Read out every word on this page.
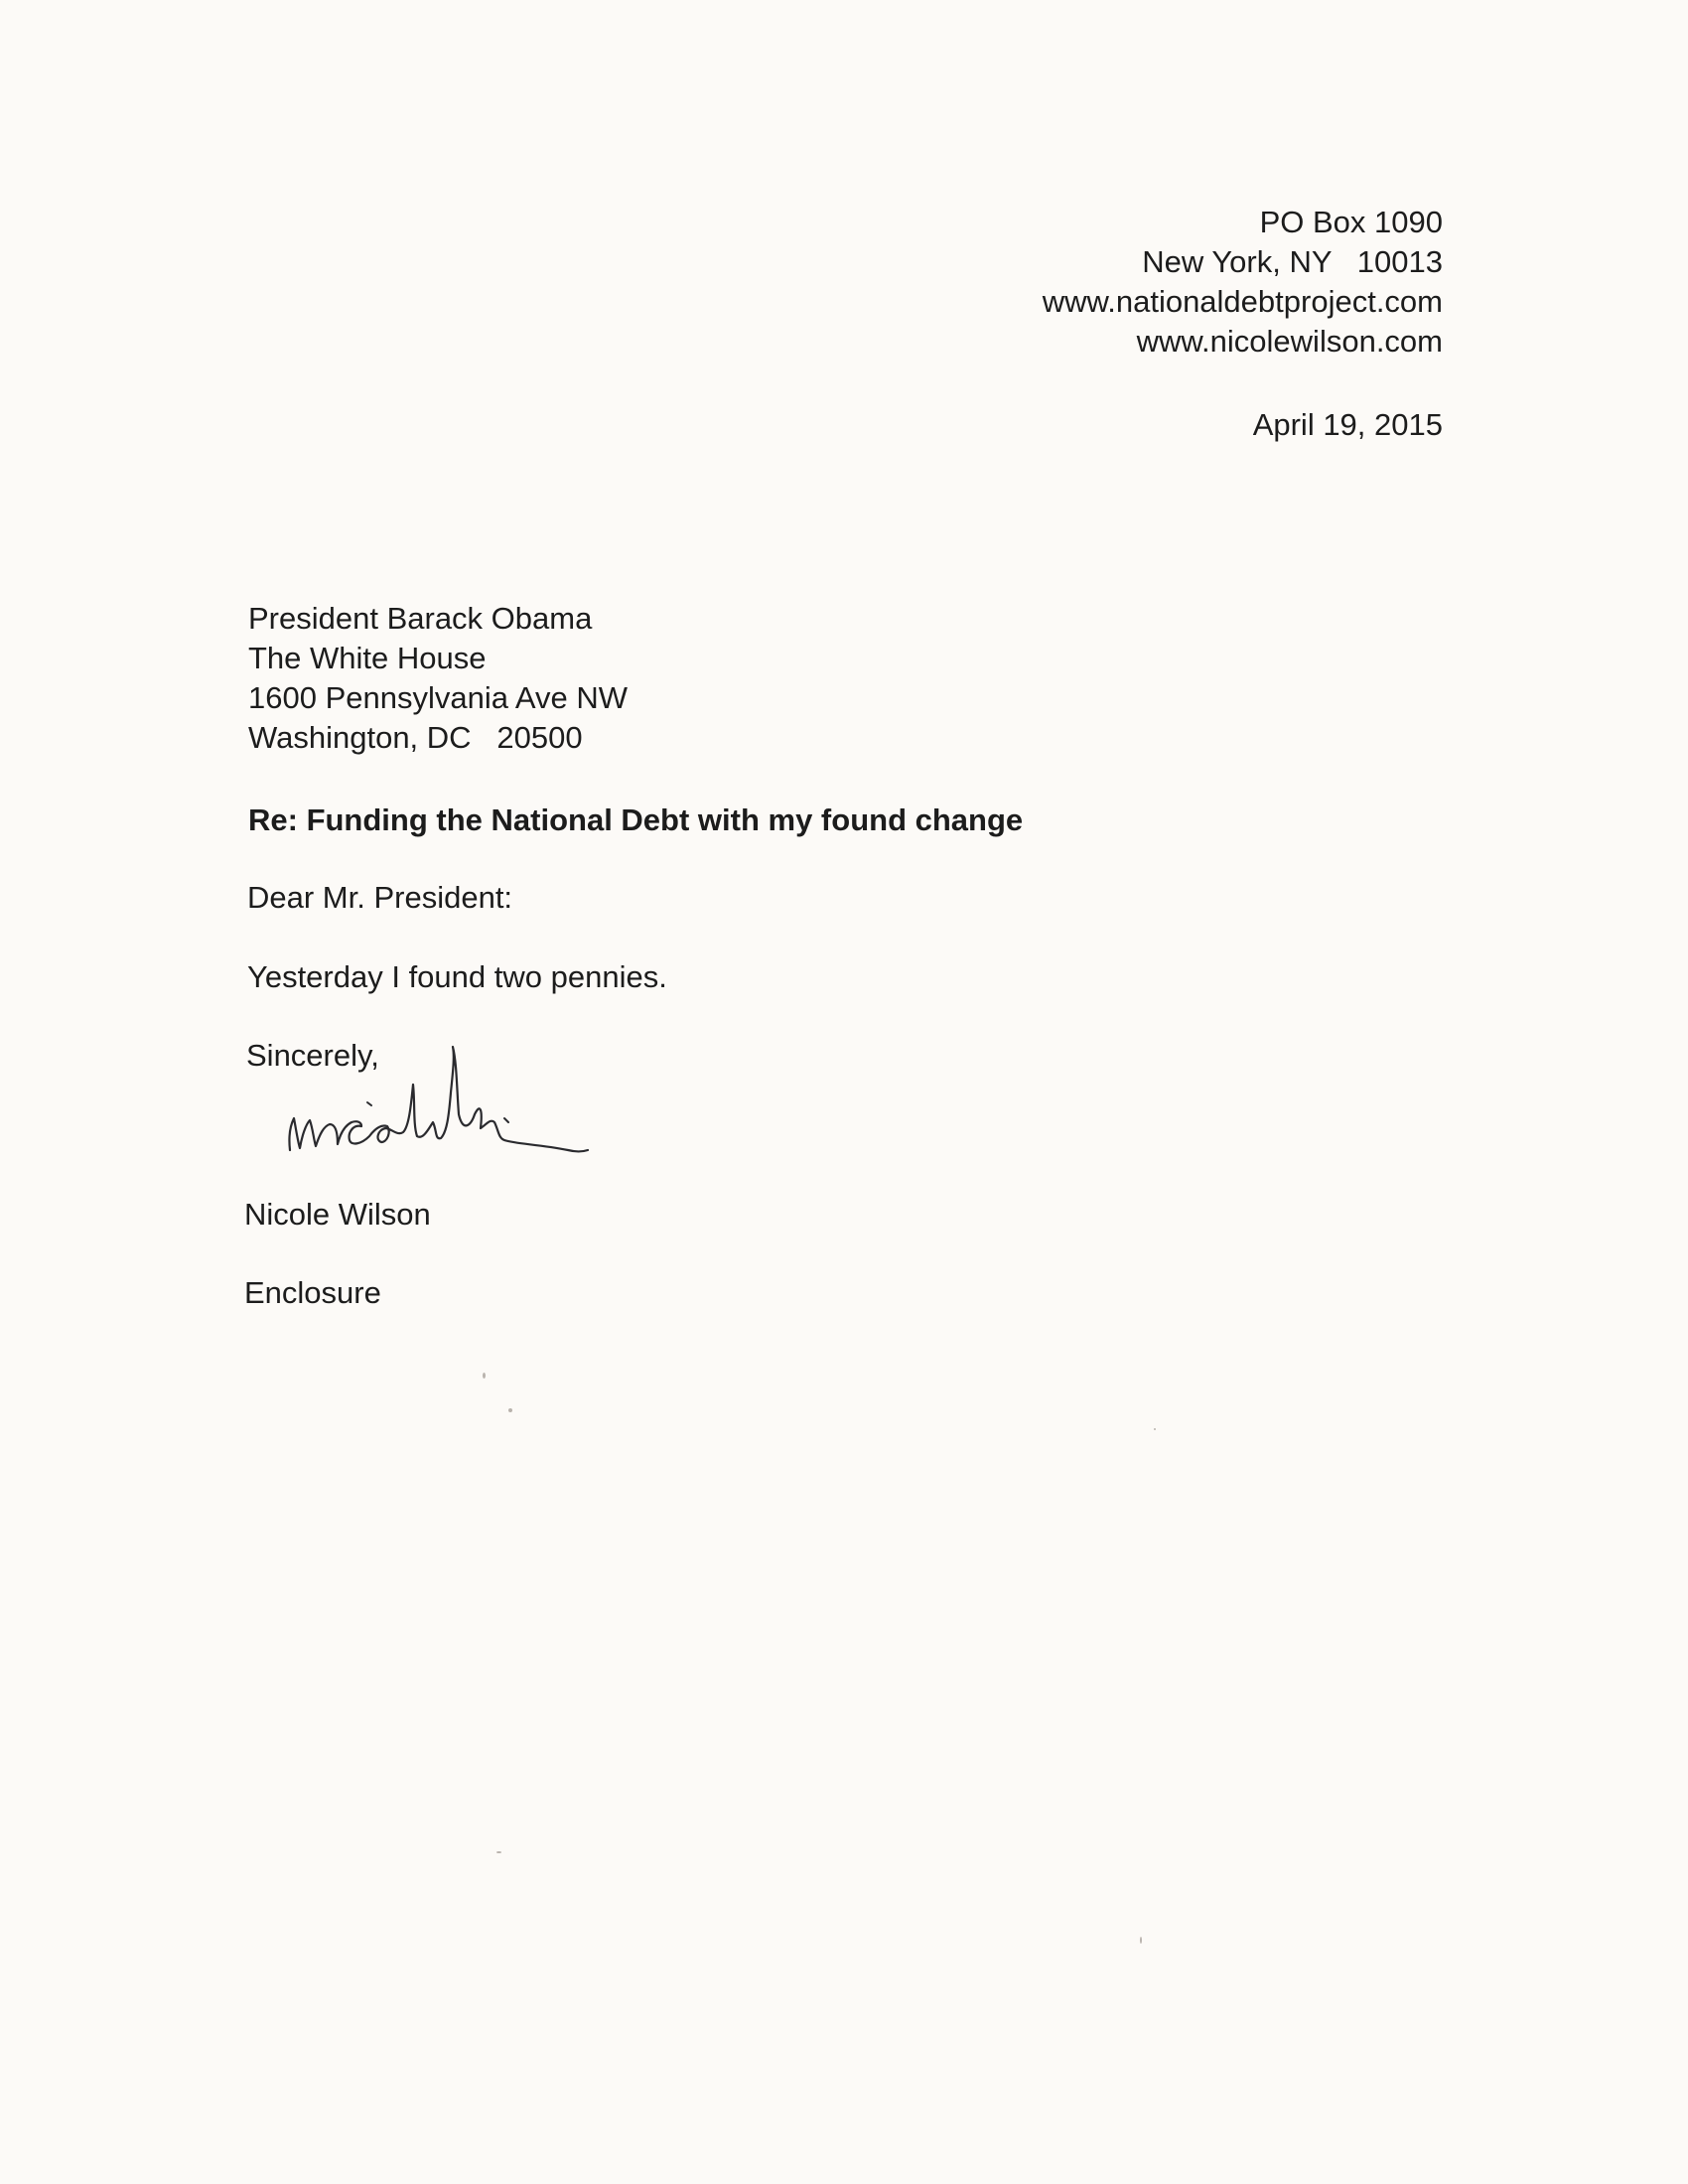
PO Box 1090
New York, NY   10013
www.nationaldebtproject.com
www.nicolewilson.com
April 19, 2015
President Barack Obama
The White House
1600 Pennsylvania Ave NW
Washington, DC   20500
Re: Funding the National Debt with my found change
Dear Mr. President:
Yesterday I found two pennies.
Sincerely,
Nicole Wilson
Enclosure
